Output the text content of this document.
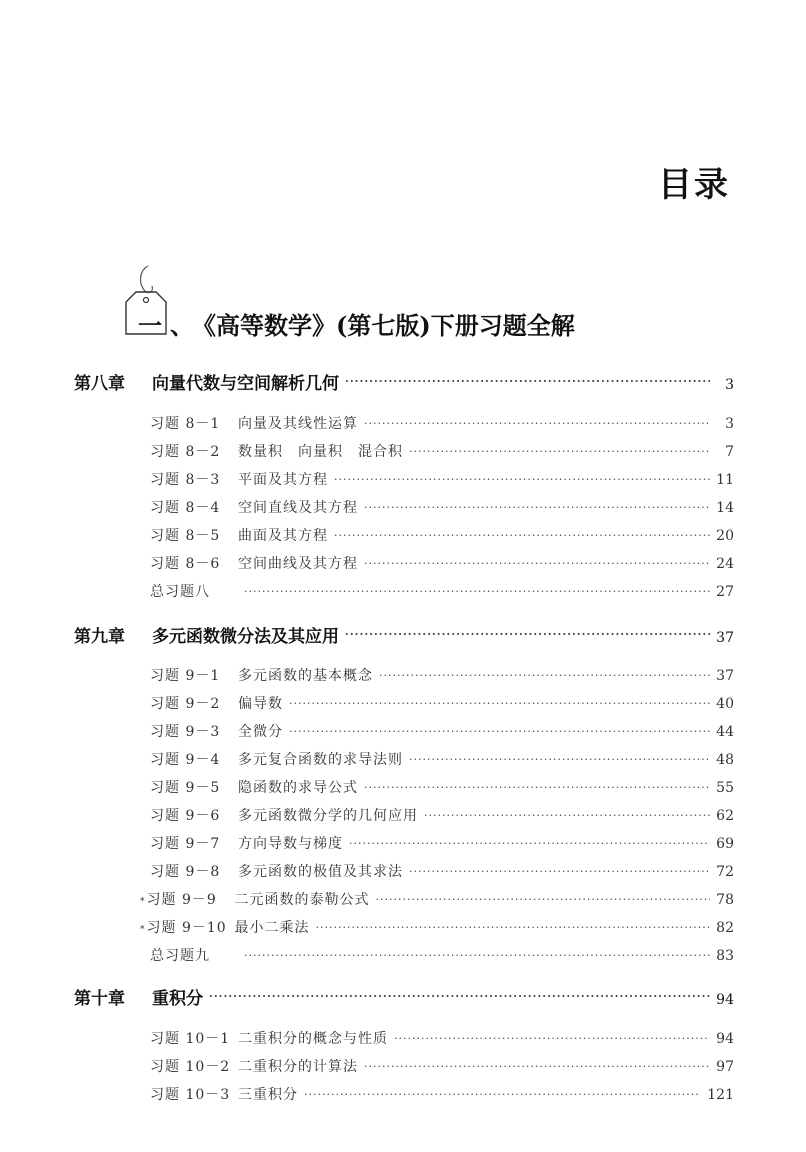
目录
一 、 《高等数学》(第七版)下册习题全解
第八章	向量代数与空间解析几何 ·····	3
习题 8－1	向量及其线性运算 ·····	3
习题 8－2	数量积　向量积　混合积 ·····	7
习题 8－3	平面及其方程 ·····	11
习题 8－4	空间直线及其方程 ·····	14
习题 8－5	曲面及其方程 ·····	20
习题 8－6	空间曲线及其方程 ·····	24
总习题八 ·····	27
第九章	多元函数微分法及其应用 ·····	37
习题 9－1	多元函数的基本概念 ·····	37
习题 9－2	偏导数 ·····	40
习题 9－3	全微分 ·····	44
习题 9－4	多元复合函数的求导法则 ·····	48
习题 9－5	隐函数的求导公式 ·····	55
习题 9－6	多元函数微分学的几何应用 ·····	62
习题 9－7	方向导数与梯度 ·····	69
习题 9－8	多元函数的极值及其求法 ·····	72
* 习题 9－9	二元函数的泰勒公式 ·····	78
* 习题 9－10 最小二乘法 ·····	82
总习题九 ·····	83
第十章	重积分 ·····	94
习题 10－1 二重积分的概念与性质 ·····	94
习题 10－2 二重积分的计算法 ·····	97
习题 10－3 三重积分 ·····	121
